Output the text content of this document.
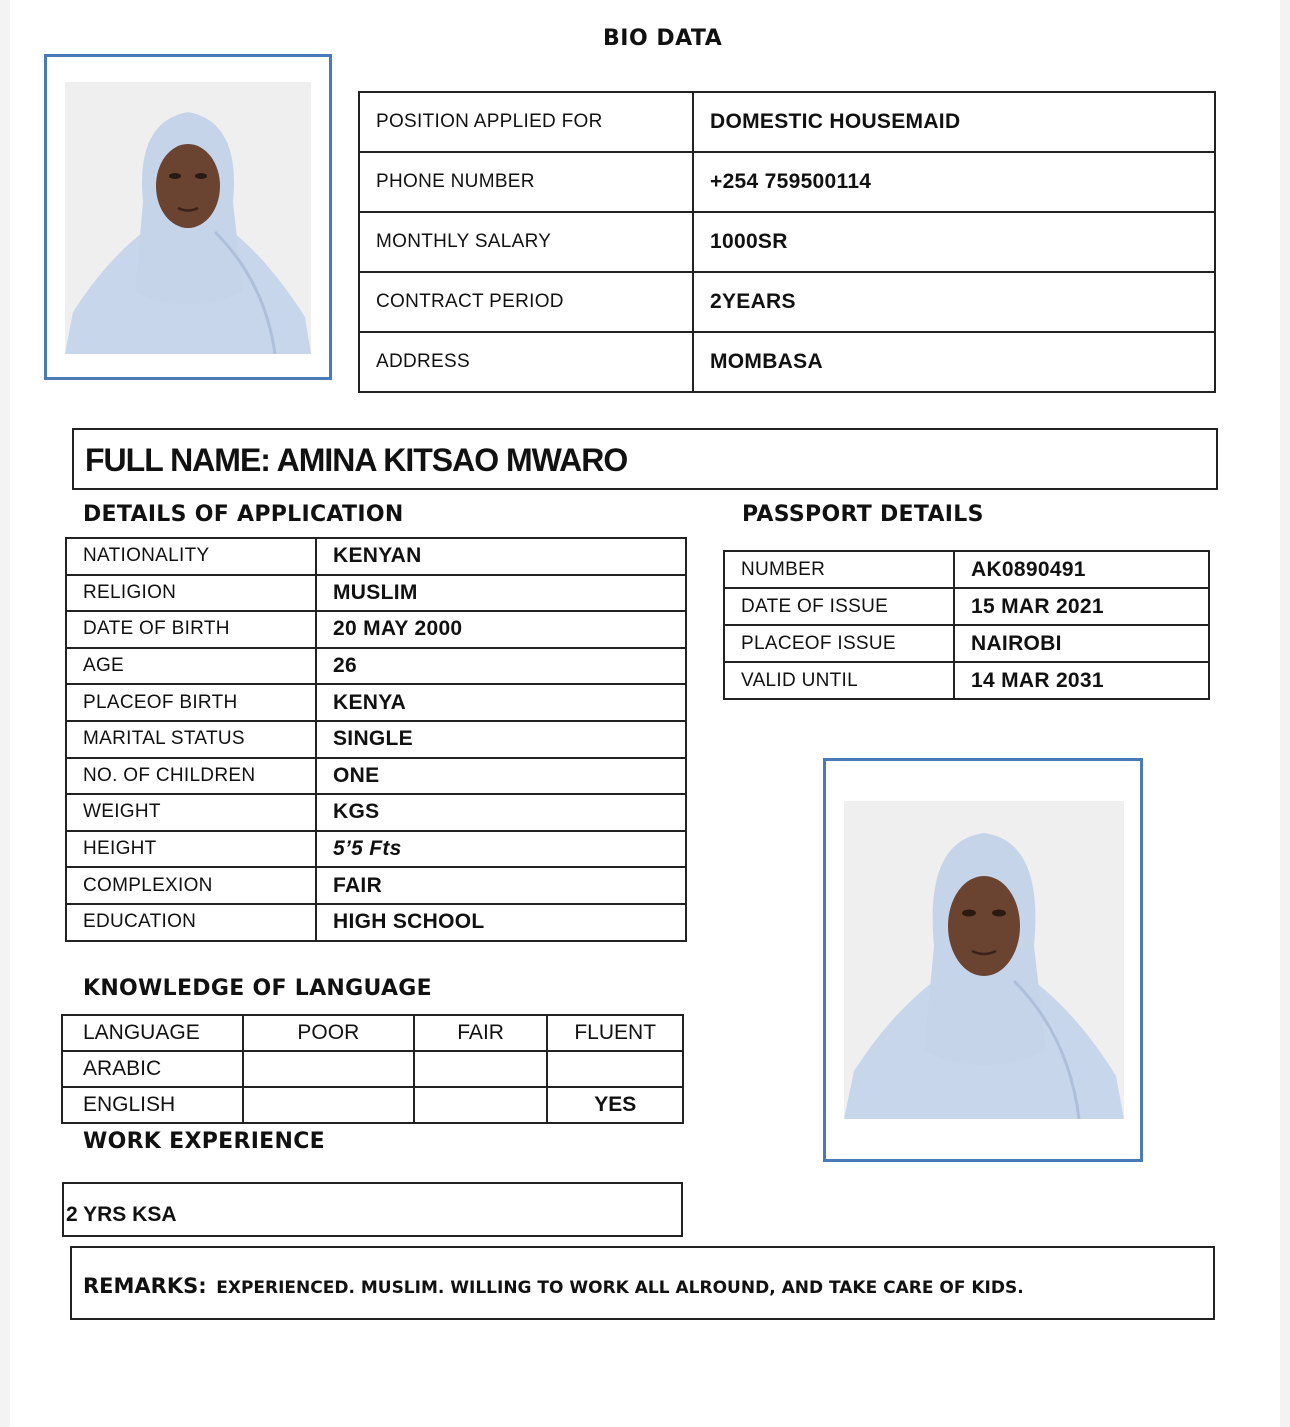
BIO DATA
POSITION APPLIED FOR	DOMESTIC HOUSEMAID
PHONE NUMBER	+254 759500114
MONTHLY SALARY	1000SR
CONTRACT PERIOD	2YEARS
ADDRESS	MOMBASA
FULL NAME: AMINA KITSAO MWARO
DETAILS OF APPLICATION	PASSPORT DETAILS
NATIONALITY	KENYAN
RELIGION	MUSLIM
DATE OF BIRTH	20 MAY 2000
AGE	26
PLACEOF BIRTH	KENYA
MARITAL STATUS	SINGLE
NO. OF CHILDREN	ONE
WEIGHT	KGS
HEIGHT	5’5 Fts
COMPLEXION	FAIR
EDUCATION	HIGH SCHOOL
NUMBER	AK0890491
DATE OF ISSUE	15 MAR 2021
PLACEOF ISSUE	NAIROBI
VALID UNTIL	14 MAR 2031
KNOWLEDGE OF LANGUAGE
LANGUAGE	POOR	FAIR	FLUENT
ARABIC			
ENGLISH			YES
WORK EXPERIENCE
2 YRS KSA
REMARKS: EXPERIENCED. MUSLIM. WILLING TO WORK ALL ALROUND, AND TAKE CARE OF KIDS.
